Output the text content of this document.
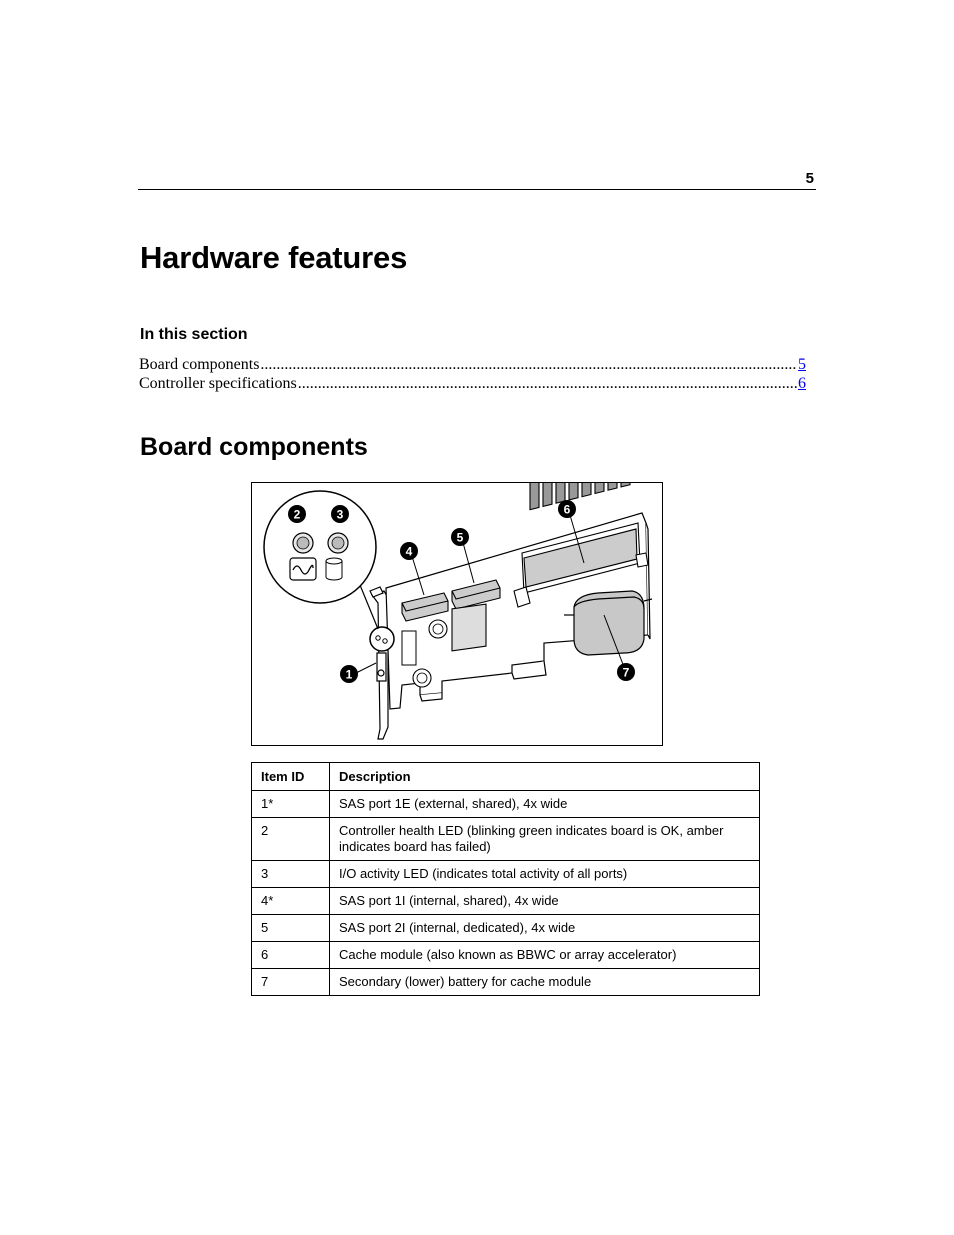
5
Hardware features
In this section
Board components .....	5
Controller specifications .....	6
Board components
1
2	3
4
5
6
7
Item ID	Description
1*	SAS port 1E (external, shared), 4x wide
2	Controller health LED (blinking green indicates board is OK, amber indicates board has failed)
3	I/O activity LED (indicates total activity of all ports)
4*	SAS port 1I (internal, shared), 4x wide
5	SAS port 2I (internal, dedicated), 4x wide
6	Cache module (also known as BBWC or array accelerator)
7	Secondary (lower) battery for cache module
